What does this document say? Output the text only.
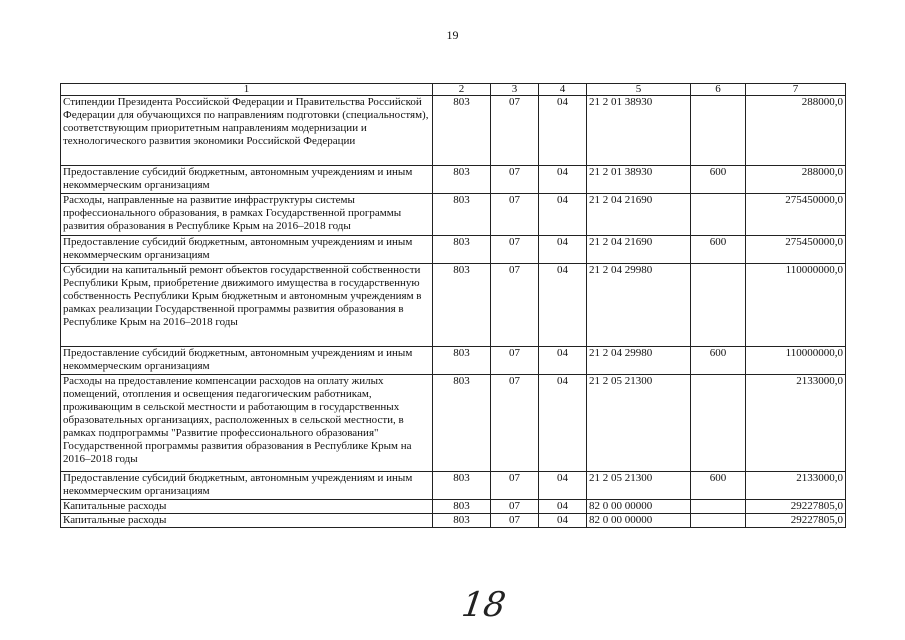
19
1	2	3	4	5	6	7
Стипендии Президента Российской Федерации и Правительства Российской Федерации для обучающихся по направлениям подготовки (специальностям), соответствующим приоритетным направлениям модернизации и технологического развития экономики Российской Федерации	803	07	04	21 2 01 38930		288000,0
Предоставление субсидий бюджетным, автономным учреждениям и иным некоммерческим организациям	803	07	04	21 2 01 38930	600	288000,0
Расходы, направленные на развитие инфраструктуры системы профессионального образования, в рамках Государственной программы развития образования в Республике Крым на 2016–2018 годы	803	07	04	21 2 04 21690		275450000,0
Предоставление субсидий бюджетным, автономным учреждениям и иным некоммерческим организациям	803	07	04	21 2 04 21690	600	275450000,0
Субсидии на капитальный ремонт объектов государственной собственности Республики Крым, приобретение движимого имущества в государственную собственность Республики Крым бюджетным и автономным учреждениям в рамках реализации Государственной программы развития образования в Республике Крым на 2016–2018 годы	803	07	04	21 2 04 29980		110000000,0
Предоставление субсидий бюджетным, автономным учреждениям и иным некоммерческим организациям	803	07	04	21 2 04 29980	600	110000000,0
Расходы на предоставление компенсации расходов на оплату жилых помещений, отопления и освещения педагогическим работникам, проживающим в сельской местности и работающим в государственных образовательных организациях, расположенных в сельской местности, в рамках подпрограммы "Развитие профессионального образования" Государственной программы развития образования в Республике Крым на 2016–2018 годы	803	07	04	21 2 05 21300		2133000,0
Предоставление субсидий бюджетным, автономным учреждениям и иным некоммерческим организациям	803	07	04	21 2 05 21300	600	2133000,0
Капитальные расходы	803	07	04	82 0 00 00000		29227805,0
Капитальные расходы	803	07	04	82 0 00 00000		29227805,0
18
